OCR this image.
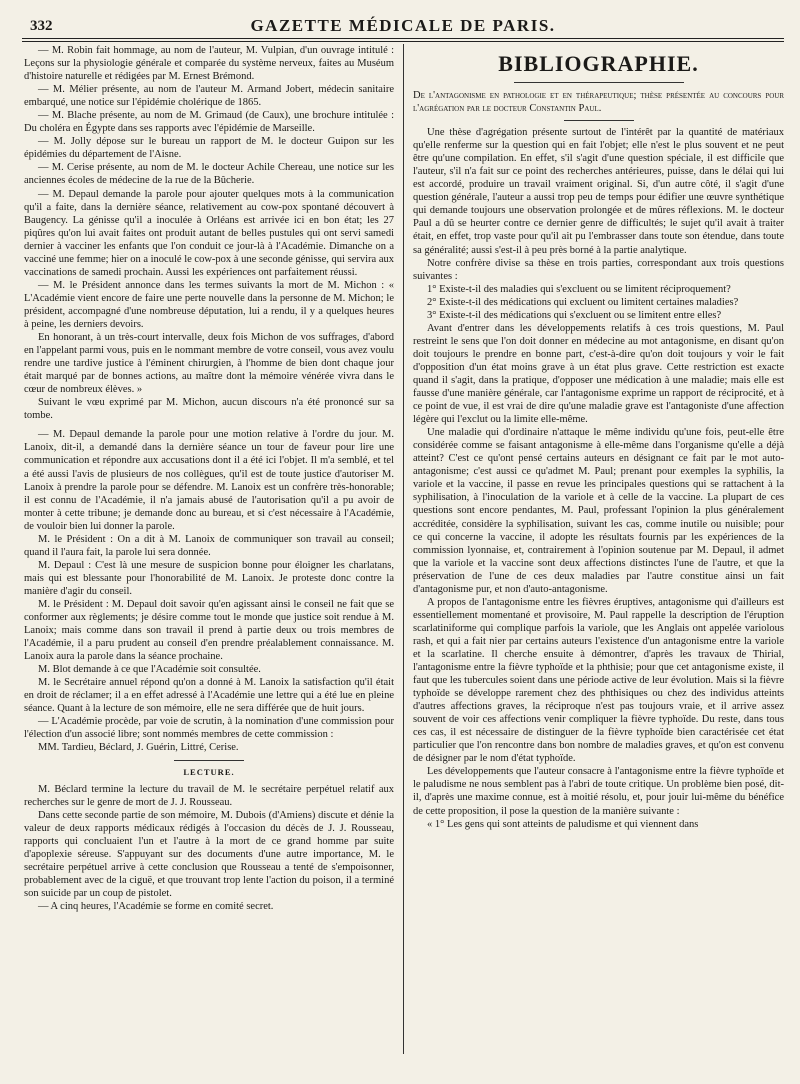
332	GAZETTE MÉDICALE DE PARIS.

— M. Robin fait hommage, au nom de l'auteur, M. Vulpian, d'un ouvrage intitulé : Leçons sur la physiologie générale et comparée du système nerveux, faites au Muséum d'histoire naturelle et rédigées par M. Ernest Brémond.

— M. Mélier présente, au nom de l'auteur M. Armand Jobert, médecin sanitaire embarqué, une notice sur l'épidémie cholérique de 1865.

— M. Blache présente, au nom de M. Grimaud (de Caux), une brochure intitulée : Du choléra en Égypte dans ses rapports avec l'épidémie de Marseille.

— M. Jolly dépose sur le bureau un rapport de M. le docteur Guipon sur les épidémies du département de l'Aisne.

— M. Cerise présente, au nom de M. le docteur Achile Chereau, une notice sur les anciennes écoles de médecine de la rue de la Bûcherie.

— M. Depaul demande la parole pour ajouter quelques mots à la communication qu'il a faite, dans la dernière séance, relativement au cow-pox spontané découvert à Baugency. La génisse qu'il a inoculée à Orléans est arrivée ici en bon état; les 27 piqûres qu'on lui avait faites ont produit autant de belles pustules qui ont servi samedi dernier à vacciner les enfants que l'on conduit ce jour-là à l'Académie. Dimanche on a vacciné une femme; hier on a inoculé le cow-pox à une seconde génisse, qui servira aux vaccinations de samedi prochain. Aussi les expériences ont parfaitement réussi.

— M. le Président annonce dans les termes suivants la mort de M. Michon : « L'Académie vient encore de faire une perte nouvelle dans la personne de M. Michon; le président, accompagné d'une nombreuse députation, lui a rendu, il y a quelques heures à peine, les derniers devoirs.

En honorant, à un très-court intervalle, deux fois Michon de vos suffrages, d'abord en l'appelant parmi vous, puis en le nommant membre de votre conseil, vous avez voulu rendre une tardive justice à l'éminent chirurgien, à l'homme de bien dont chaque jour était marqué par de bonnes actions, au maître dont la mémoire vénérée vivra dans le cœur de nombreux élèves. »

Suivant le vœu exprimé par M. Michon, aucun discours n'a été prononcé sur sa tombe.

— M. Depaul demande la parole pour une motion relative à l'ordre du jour. M. Lanoix, dit-il, a demandé dans la dernière séance un tour de faveur pour lire une communication et répondre aux accusations dont il a été ici l'objet. Il m'a semblé, et tel a été aussi l'avis de plusieurs de nos collègues, qu'il est de toute justice d'autoriser M. Lanoix à prendre la parole pour se défendre. M. Lanoix est un confrère très-honorable; il est connu de l'Académie, il n'a jamais abusé de l'autorisation qu'il a pu avoir de monter à cette tribune; je demande donc au bureau, et si c'est nécessaire à l'Académie, de vouloir bien lui donner la parole.

M. le Président : On a dit à M. Lanoix de communiquer son travail au conseil; quand il l'aura fait, la parole lui sera donnée.

M. Depaul : C'est là une mesure de suspicion bonne pour éloigner les charlatans, mais qui est blessante pour l'honorabilité de M. Lanoix. Je proteste donc contre la manière d'agir du conseil.

M. le Président : M. Depaul doit savoir qu'en agissant ainsi le conseil ne fait que se conformer aux règlements; je désire comme tout le monde que justice soit rendue à M. Lanoix; mais comme dans son travail il prend à partie deux ou trois membres de l'Académie, il a paru prudent au conseil d'en prendre préalablement connaissance. M. Lanoix aura la parole dans la séance prochaine.

M. Blot demande à ce que l'Académie soit consultée.

M. le Secrétaire annuel répond qu'on a donné à M. Lanoix la satisfaction qu'il était en droit de réclamer; il a en effet adressé à l'Académie une lettre qui a été lue en pleine séance. Quant à la lecture de son mémoire, elle ne sera différée que de huit jours.

— L'Académie procède, par voie de scrutin, à la nomination d'une commission pour l'élection d'un associé libre; sont nommés membres de cette commission :

MM. Tardieu, Béclard, J. Guérin, Littré, Cerise.

LECTURE.

M. Béclard termine la lecture du travail de M. le secrétaire perpétuel relatif aux recherches sur le genre de mort de J. J. Rousseau.

Dans cette seconde partie de son mémoire, M. Dubois (d'Amiens) discute et dénie la valeur de deux rapports médicaux rédigés à l'occasion du décès de J. J. Rousseau, rapports qui concluaient l'un et l'autre à la mort de ce grand homme par suite d'apoplexie séreuse. S'appuyant sur des documents d'une autre importance, M. le secrétaire perpétuel arrive à cette conclusion que Rousseau a tenté de s'empoisonner, probablement avec de la ciguë, et que trouvant trop lente l'action du poison, il a terminé son suicide par un coup de pistolet.

— A cinq heures, l'Académie se forme en comité secret.

BIBLIOGRAPHIE.

De l'antagonisme en pathologie et en thérapeutique; thèse présentée au concours pour l'agrégation par le docteur Constantin Paul.

Une thèse d'agrégation présente surtout de l'intérêt par la quantité de matériaux qu'elle renferme sur la question qui en fait l'objet; elle n'est le plus souvent et ne peut être qu'une compilation. En effet, s'il s'agit d'une question spéciale, il est difficile que l'auteur, s'il n'a fait sur ce point des recherches antérieures, puisse, dans le délai qui lui est accordé, produire un travail vraiment original. Si, d'un autre côté, il s'agit d'une question générale, l'auteur a aussi trop peu de temps pour édifier une œuvre synthétique qui demande toujours une observation prolongée et de mûres réflexions. M. le docteur Paul a dû se heurter contre ce dernier genre de difficultés; le sujet qu'il avait à traiter était, en effet, trop vaste pour qu'il ait pu l'embrasser dans toute son étendue, dans toute sa généralité; aussi s'est-il à peu près borné à la partie analytique.

Notre confrère divise sa thèse en trois parties, correspondant aux trois questions suivantes :

1° Existe-t-il des maladies qui s'excluent ou se limitent réciproquement?

2° Existe-t-il des médications qui excluent ou limitent certaines maladies?

3° Existe-t-il des médications qui s'excluent ou se limitent entre elles?

Avant d'entrer dans les développements relatifs à ces trois questions, M. Paul restreint le sens que l'on doit donner en médecine au mot antagonisme, en disant qu'on doit toujours le prendre en bonne part, c'est-à-dire qu'on doit toujours y voir le fait d'opposition d'un état moins grave à un état plus grave. Cette restriction est exacte quand il s'agit, dans la pratique, d'opposer une médication à une maladie; mais elle est fausse d'une manière générale, car l'antagonisme exprime un rapport de réciprocité, et à ce point de vue, il est vrai de dire qu'une maladie grave est l'antagoniste d'une affection légère qui l'exclut ou la limite elle-même.

Une maladie qui d'ordinaire n'attaque le même individu qu'une fois, peut-elle être considérée comme se faisant antagonisme à elle-même dans l'organisme qu'elle a déjà atteint? C'est ce qu'ont pensé certains auteurs en désignant ce fait par le mot auto-antagonisme; c'est aussi ce qu'admet M. Paul; prenant pour exemples la syphilis, la variole et la vaccine, il passe en revue les principales questions qui se rattachent à la syphilisation, à l'inoculation de la variole et à celle de la vaccine. La plupart de ces questions sont encore pendantes, M. Paul, professant l'opinion la plus généralement accréditée, considère la syphilisation, suivant les cas, comme inutile ou nuisible; pour ce qui concerne la vaccine, il adopte les résultats fournis par les expériences de la commission lyonnaise, et, contrairement à l'opinion soutenue par M. Depaul, il admet que la variole et la vaccine sont deux affections distinctes l'une de l'autre, et que la préservation de l'une de ces deux maladies par l'autre constitue ainsi un fait d'antagonisme pur, et non d'auto-antagonisme.

A propos de l'antagonisme entre les fièvres éruptives, antagonisme qui d'ailleurs est essentiellement momentané et provisoire, M. Paul rappelle la description de l'éruption scarlatiniforme qui complique parfois la variole, que les Anglais ont appelée variolous rash, et qui a fait nier par certains auteurs l'existence d'un antagonisme entre la variole et la scarlatine. Il cherche ensuite à démontrer, d'après les travaux de Thirial, l'antagonisme entre la fièvre typhoïde et la phthisie; pour que cet antagonisme existe, il faut que les tubercules soient dans une période active de leur évolution. Mais si la fièvre typhoïde se développe rarement chez des phthisiques ou chez des individus atteints d'autres affections graves, la réciproque n'est pas toujours vraie, et il arrive assez souvent de voir ces affections venir compliquer la fièvre typhoïde. Du reste, dans tous ces cas, il est nécessaire de distinguer de la fièvre typhoïde bien caractérisée cet état particulier que l'on rencontre dans bon nombre de maladies graves, et qu'on est convenu de désigner par le nom d'état typhoïde.

Les développements que l'auteur consacre à l'antagonisme entre la fièvre typhoïde et le paludisme ne nous semblent pas à l'abri de toute critique. Un problème bien posé, dit-il, d'après une maxime connue, est à moitié résolu, et, pour jouir lui-même du bénéfice de cette proposition, il pose la question de la manière suivante :

« 1° Les gens qui sont atteints de paludisme et qui viennent dans
